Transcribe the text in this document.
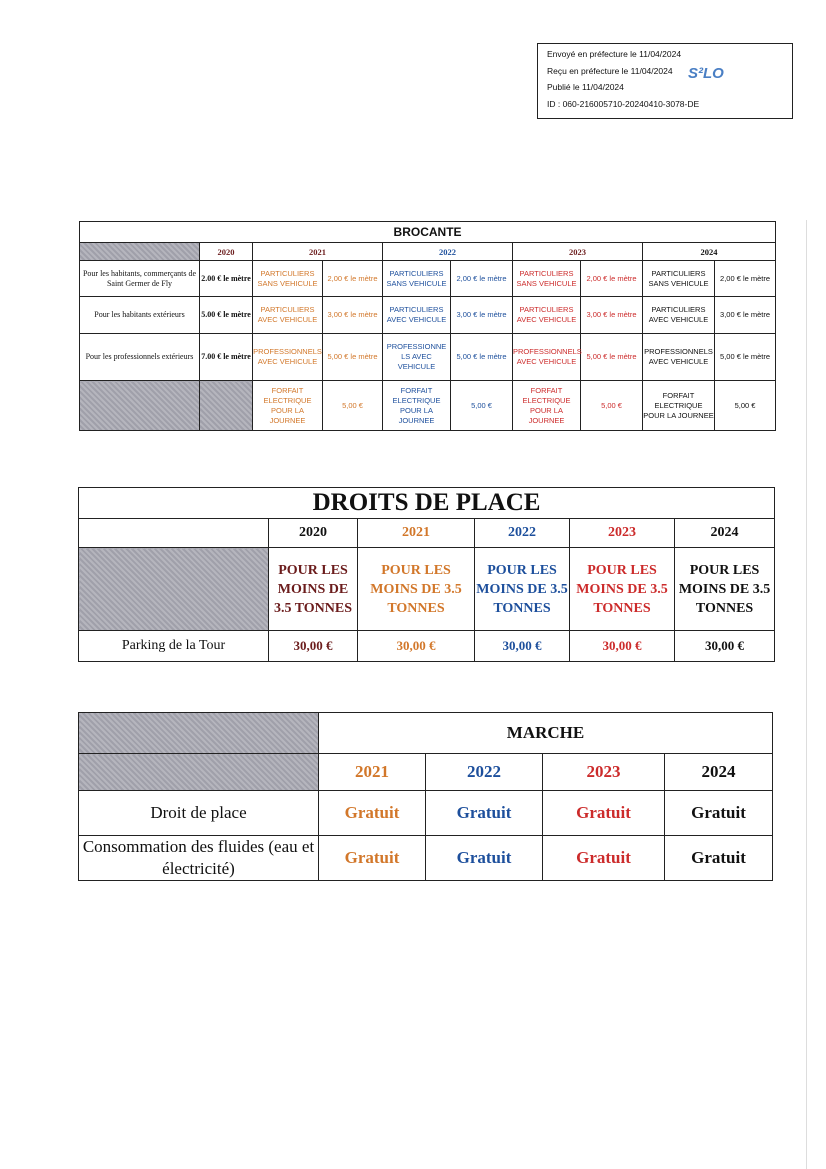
Envoyé en préfecture le 11/04/2024
Reçu en préfecture le 11/04/2024
Publié le 11/04/2024
ID : 060-216005710-20240410-3078-DE
S²LO
BROCANTE									
	2020	2021		2022		2023		2024	
Pour les habitants, commerçants de Saint Germer de Fly	2.00 € le mètre	PARTICULIERS SANS VEHICULE	2,00 € le mètre	PARTICULIERS SANS VEHICULE	2,00 € le mètre	PARTICULIERS SANS VEHICULE	2,00 € le mètre	PARTICULIERS SANS VEHICULE	2,00 € le mètre
Pour les habitants extérieurs	5.00 € le mètre	PARTICULIERS AVEC VEHICULE	3,00 € le mètre	PARTICULIERS AVEC VEHICULE	3,00 € le mètre	PARTICULIERS AVEC VEHICULE	3,00 € le mètre	PARTICULIERS AVEC VEHICULE	3,00 € le mètre
Pour les professionnels extérieurs	7.00 € le mètre	PROFESSIONNELS AVEC VEHICULE	5,00 € le mètre	PROFESSIONNE LS AVEC VEHICULE	5,00 € le mètre	PROFESSIONNELS AVEC VEHICULE	5,00 € le mètre	PROFESSIONNELS AVEC VEHICULE	5,00 € le mètre
		FORFAIT ELECTRIQUE POUR LA JOURNEE	5,00 €	FORFAIT ELECTRIQUE POUR LA JOURNEE	5,00 €	FORFAIT ELECTRIQUE POUR LA JOURNEE	5,00 €	FORFAIT ELECTRIQUE POUR LA JOURNEE	5,00 €
DROITS DE PLACE					
	2020	2021	2022	2023	2024
	POUR LES MOINS DE 3.5 TONNES	POUR LES MOINS DE 3.5 TONNES	POUR LES MOINS DE 3.5 TONNES	POUR LES MOINS DE 3.5 TONNES	POUR LES MOINS DE 3.5 TONNES
Parking de la Tour	30,00 €	30,00 €	30,00 €	30,00 €	30,00 €
	MARCHE			
	2021	2022	2023	2024
Droit de place	Gratuit	Gratuit	Gratuit	Gratuit
Consommation des fluides (eau et électricité)	Gratuit	Gratuit	Gratuit	Gratuit
